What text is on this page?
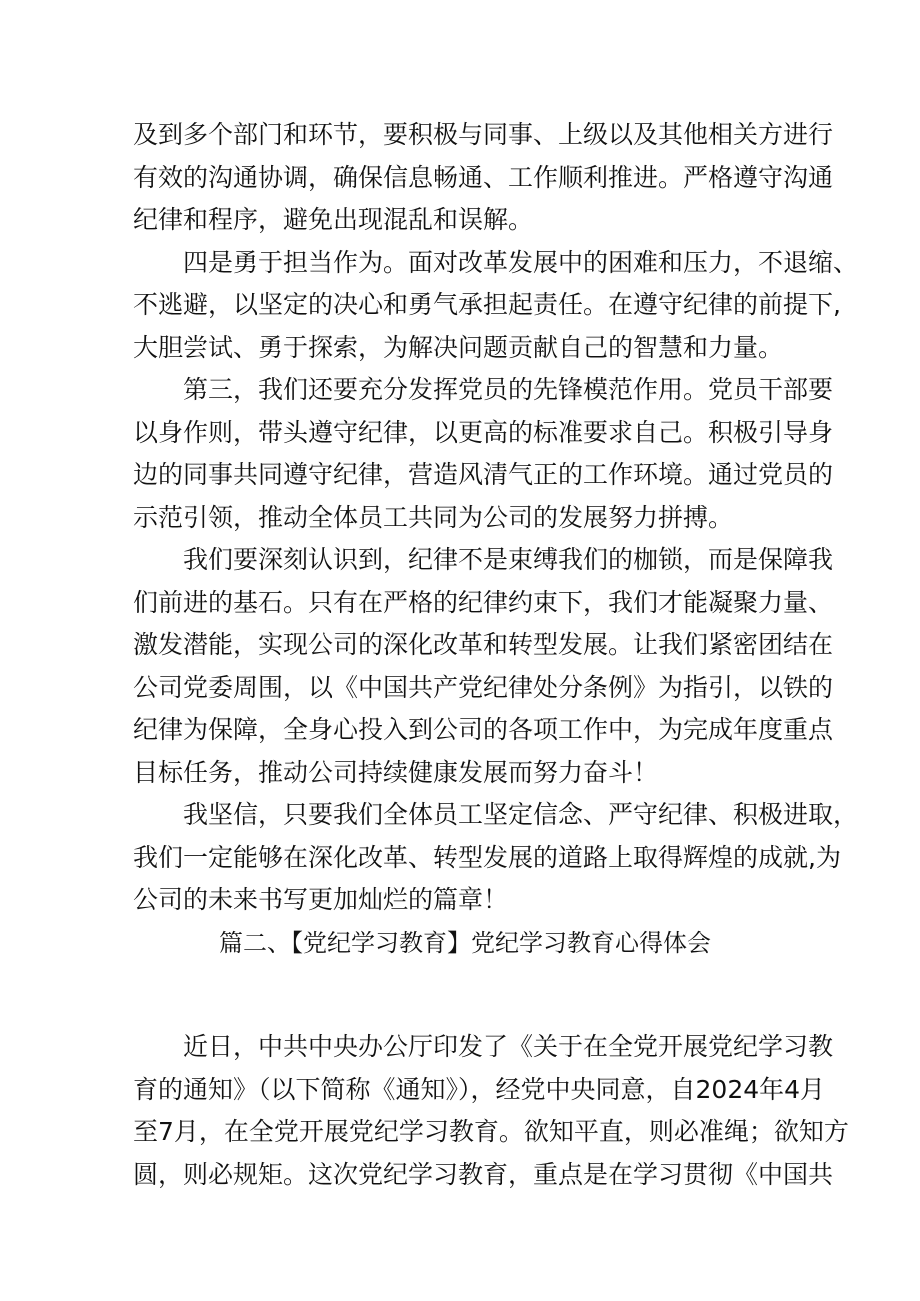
及到多个部门和环节，要积极与同事、上级以及其他相关方进行
有效的沟通协调，确保信息畅通、工作顺利推进。严格遵守沟通
纪律和程序，避免出现混乱和误解。
四是勇于担当作为。面对改革发展中的困难和压力，不退缩、
不逃避，以坚定的决心和勇气承担起责任。在遵守纪律的前提下,
大胆尝试、勇于探索，为解决问题贡献自己的智慧和力量。
第三，我们还要充分发挥党员的先锋模范作用。党员干部要
以身作则，带头遵守纪律，以更高的标准要求自己。积极引导身
边的同事共同遵守纪律，营造风清气正的工作环境。通过党员的
示范引领，推动全体员工共同为公司的发展努力拼搏。
我们要深刻认识到，纪律不是束缚我们的枷锁，而是保障我
们前进的基石。只有在严格的纪律约束下，我们才能凝聚力量、
激发潜能，实现公司的深化改革和转型发展。让我们紧密团结在
公司党委周围，以《中国共产党纪律处分条例》为指引，以铁的
纪律为保障，全身心投入到公司的各项工作中，为完成年度重点
目标任务，推动公司持续健康发展而努力奋斗！
我坚信，只要我们全体员工坚定信念、严守纪律、积极进取，
我们一定能够在深化改革、转型发展的道路上取得辉煌的成就,为
公司的未来书写更加灿烂的篇章！
篇二、【党纪学习教育】党纪学习教育心得体会
近日，中共中央办公厅印发了《关于在全党开展党纪学习教
育的通知》（以下简称《通知》），经党中央同意，自2024年4月
至7月，在全党开展党纪学习教育。欲知平直，则必准绳；欲知方
圆，则必规矩。这次党纪学习教育，重点是在学习贯彻《中国共
